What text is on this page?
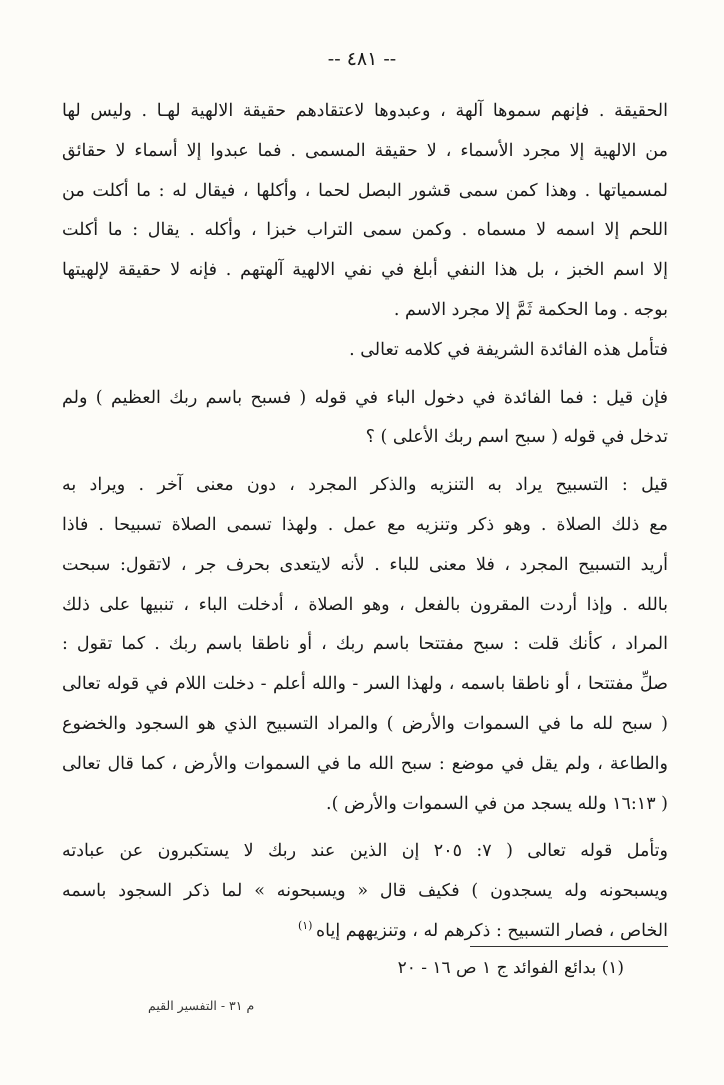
-- ٤٨١ --
الحقيقة . فإنهم سموها آلهة ، وعبدوها لاعتقادهم حقيقة الالهية لهـا . وليس لها
من الالهية إلا مجرد الأسماء ، لا حقيقة المسمى . فما عبدوا إلا أسماء لا حقائق
لمسمياتها . وهذا كمن سمى قشور البصل لحما ، وأكلها ، فيقال له : ما أكلت من
اللحم إلا اسمه لا مسماه . وكمن سمى التراب خبزا ، وأكله . يقال : ما أكلت
إلا اسم الخبز ، بل هذا النفي أبلغ في نفي الالهية آلهتهم . فإنه لا حقيقة لإلهيتها
بوجه . وما الحكمة ثَمَّ إلا مجرد الاسم .
فتأمل هذه الفائدة الشريفة في كلامه تعالى .
فإن قيل : فما الفائدة في دخول الباء في قوله ( فسبح باسم ربك العظيم ) ولم
تدخل في قوله ( سبح اسم ربك الأعلى ) ؟
قيل : التسبيح يراد به التنزيه والذكر المجرد ، دون معنى آخر . ويراد به
مع ذلك الصلاة . وهو ذكر وتنزيه مع عمل . ولهذا تسمى الصلاة تسبيحا . فاذا
أريد التسبيح المجرد ، فلا معنى للباء . لأنه لايتعدى بحرف جر ، لاتقول: سبحت
بالله . وإذا أردت المقرون بالفعل ، وهو الصلاة ، أدخلت الباء ، تنبيها على ذلك
المراد ، كأنك قلت : سبح مفتتحا باسم ربك ، أو ناطقا باسم ربك . كما تقول :
صلِّ مفتتحا ، أو ناطقا باسمه ، ولهذا السر - والله أعلم - دخلت اللام في قوله تعالى
( سبح لله ما في السموات والأرض ) والمراد التسبيح الذي هو السجود والخضوع
والطاعة ، ولم يقل في موضع : سبح الله ما في السموات والأرض ، كما قال تعالى
( ١٦:١٣ ولله يسجد من في السموات والأرض ).
وتأمل قوله تعالى ( ٧: ٢٠٥ إن الذين عند ربك لا يستكبرون عن عبادته
ويسبحونه وله يسجدون ) فكيف قال « ويسبحونه » لما ذكر السجود باسمه
الخاص ، فصار التسبيح : ذكرهم له ، وتنزيههم إياه $^{(١)}$
(١) بدائع الفوائد ج ١ ص ١٦ - ٢٠
م ٣١ - التفسير القيم
